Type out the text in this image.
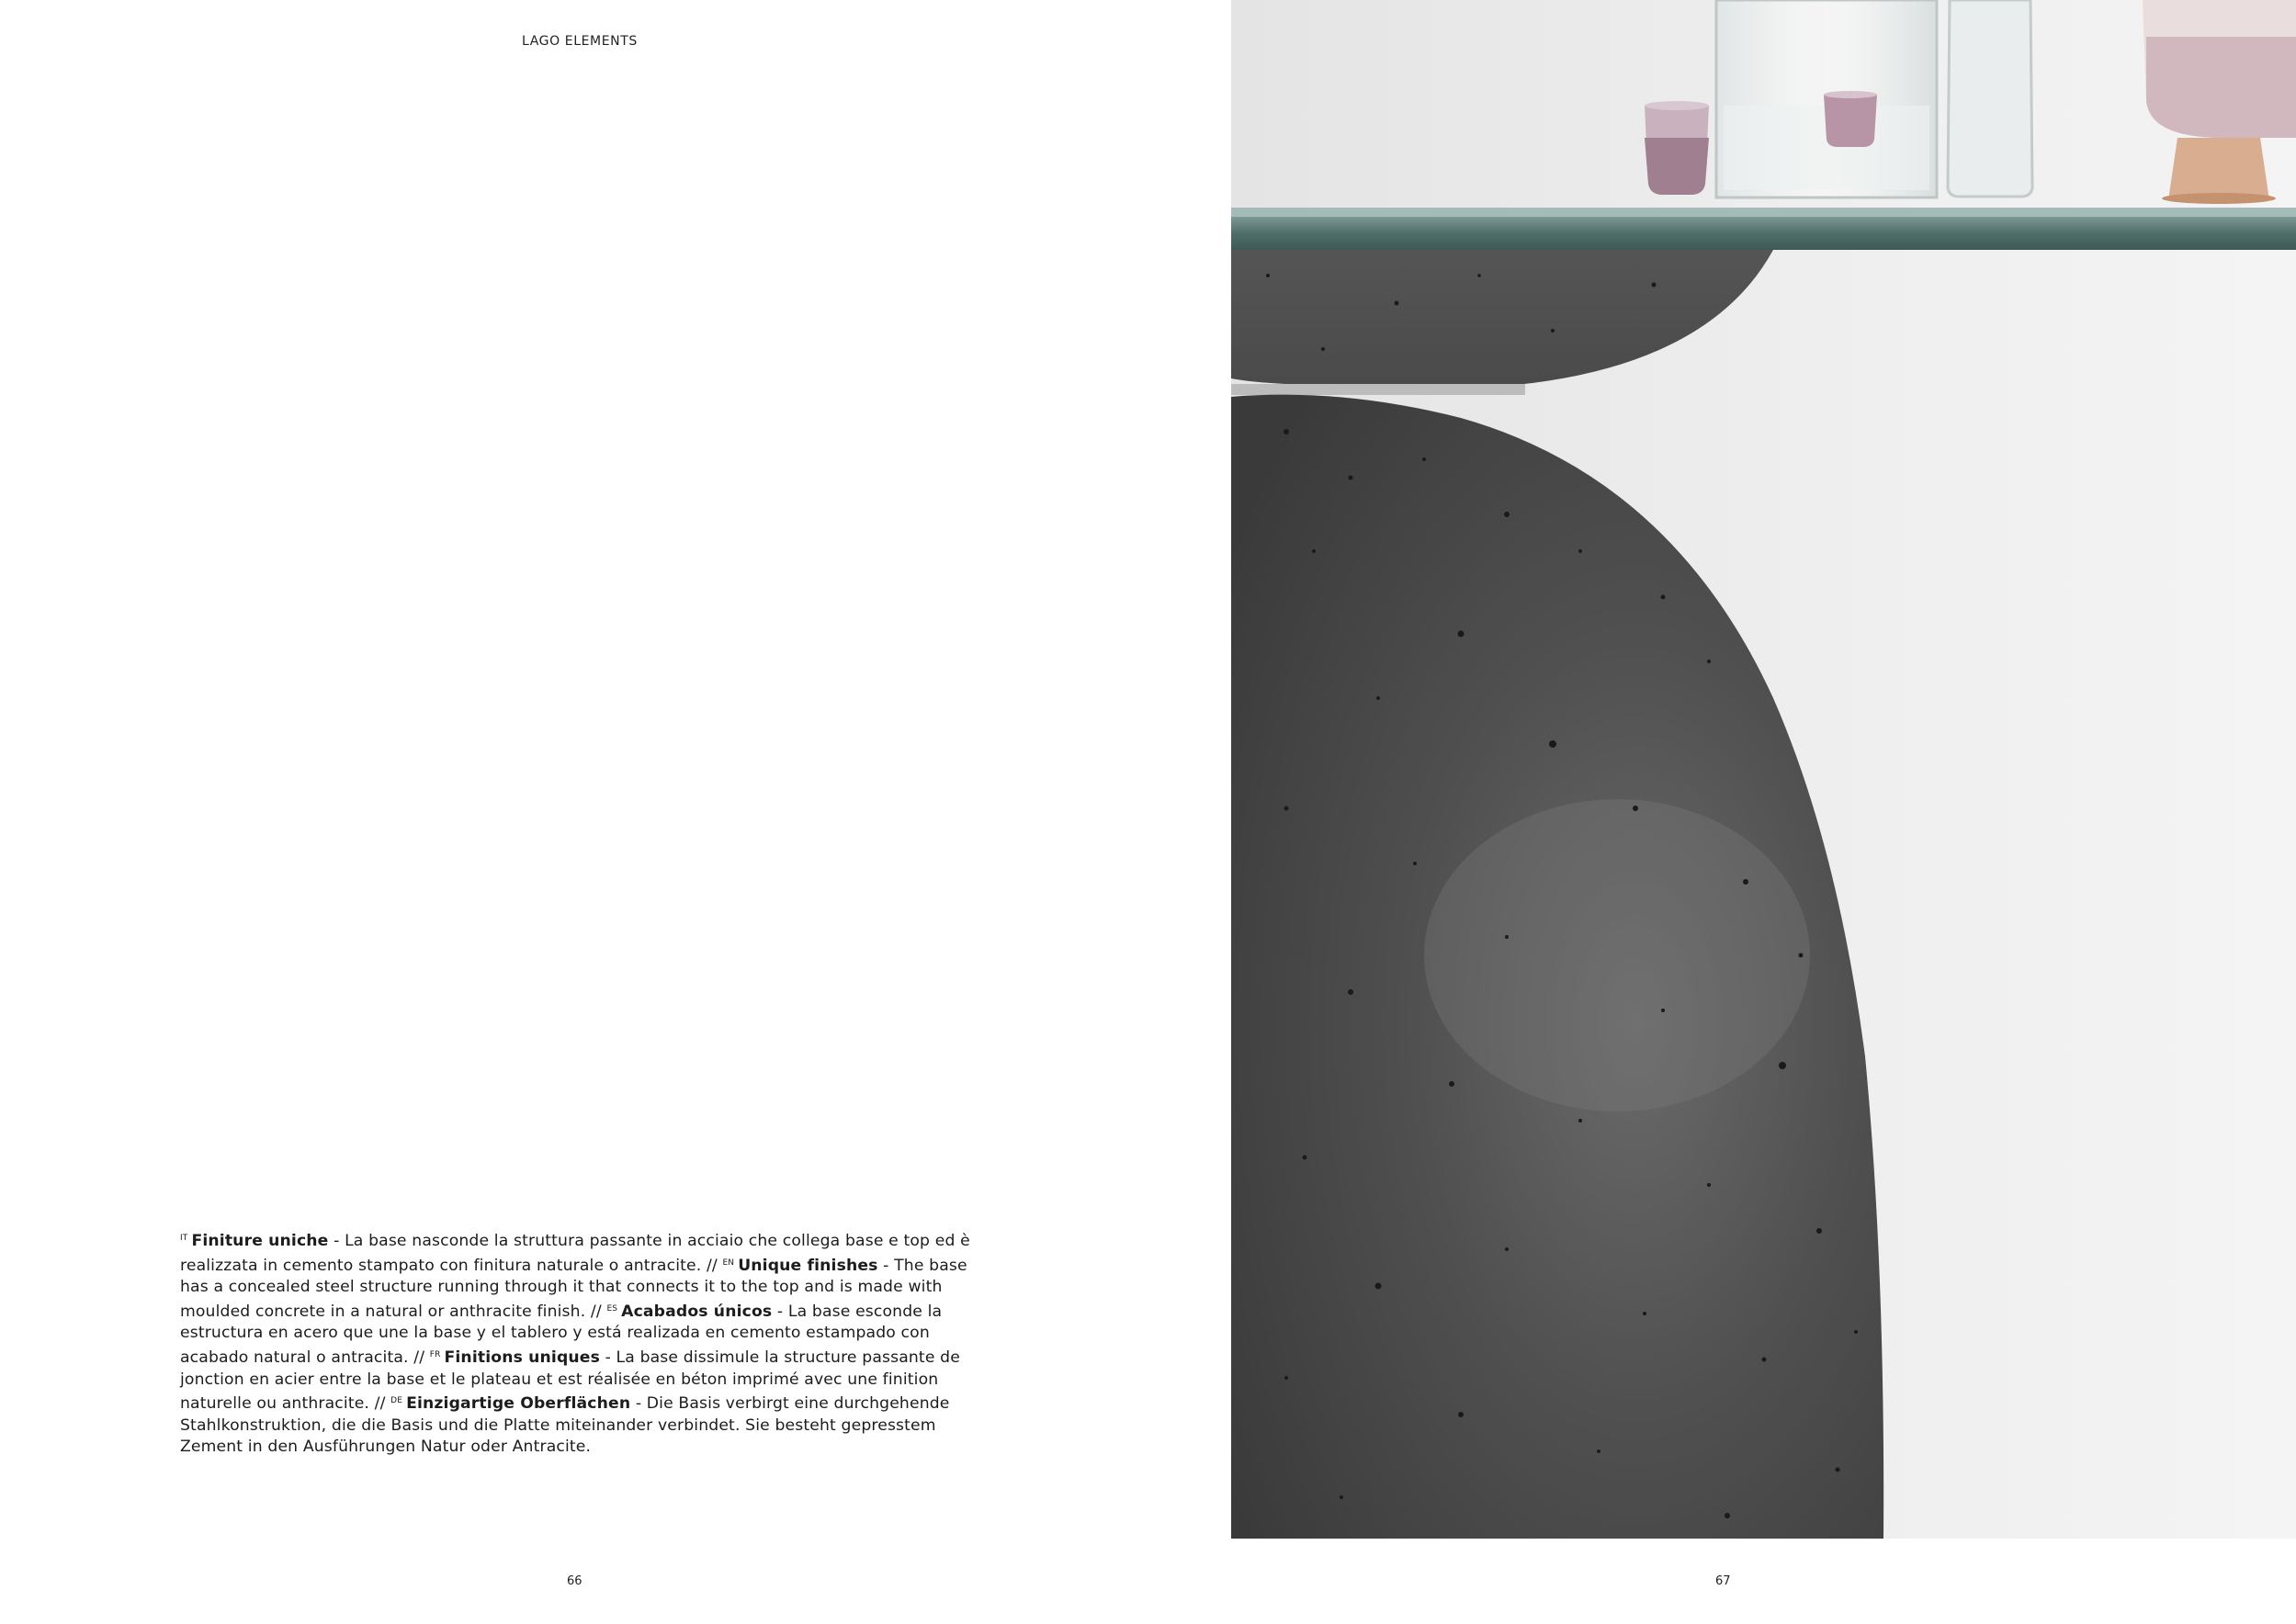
LAGO ELEMENTS
$^{IT}$ Finiture uniche - La base nasconde la struttura passante in acciaio che collega base e top ed è realizzata in cemento stampato con finitura naturale o antracite. // $^{EN}$ Unique finishes - The base has a concealed steel structure running through it that connects it to the top and is made with moulded concrete in a natural or anthracite finish. // $^{ES}$ Acabados únicos - La base esconde la estructura en acero que une la base y el tablero y está realizada en cemento estampado con acabado natural o antracita. // $^{FR}$ Finitions uniques - La base dissimule la structure passante de jonction en acier entre la base et le plateau et est réalisée en béton imprimé avec une finition naturelle ou anthracite. // $^{DE}$ Einzigartige Oberflächen - Die Basis verbirgt eine durchgehende Stahlkonstruktion, die die Basis und die Platte miteinander verbindet. Sie besteht gepresstem Zement in den Ausführungen Natur oder Antracite.
66	67
